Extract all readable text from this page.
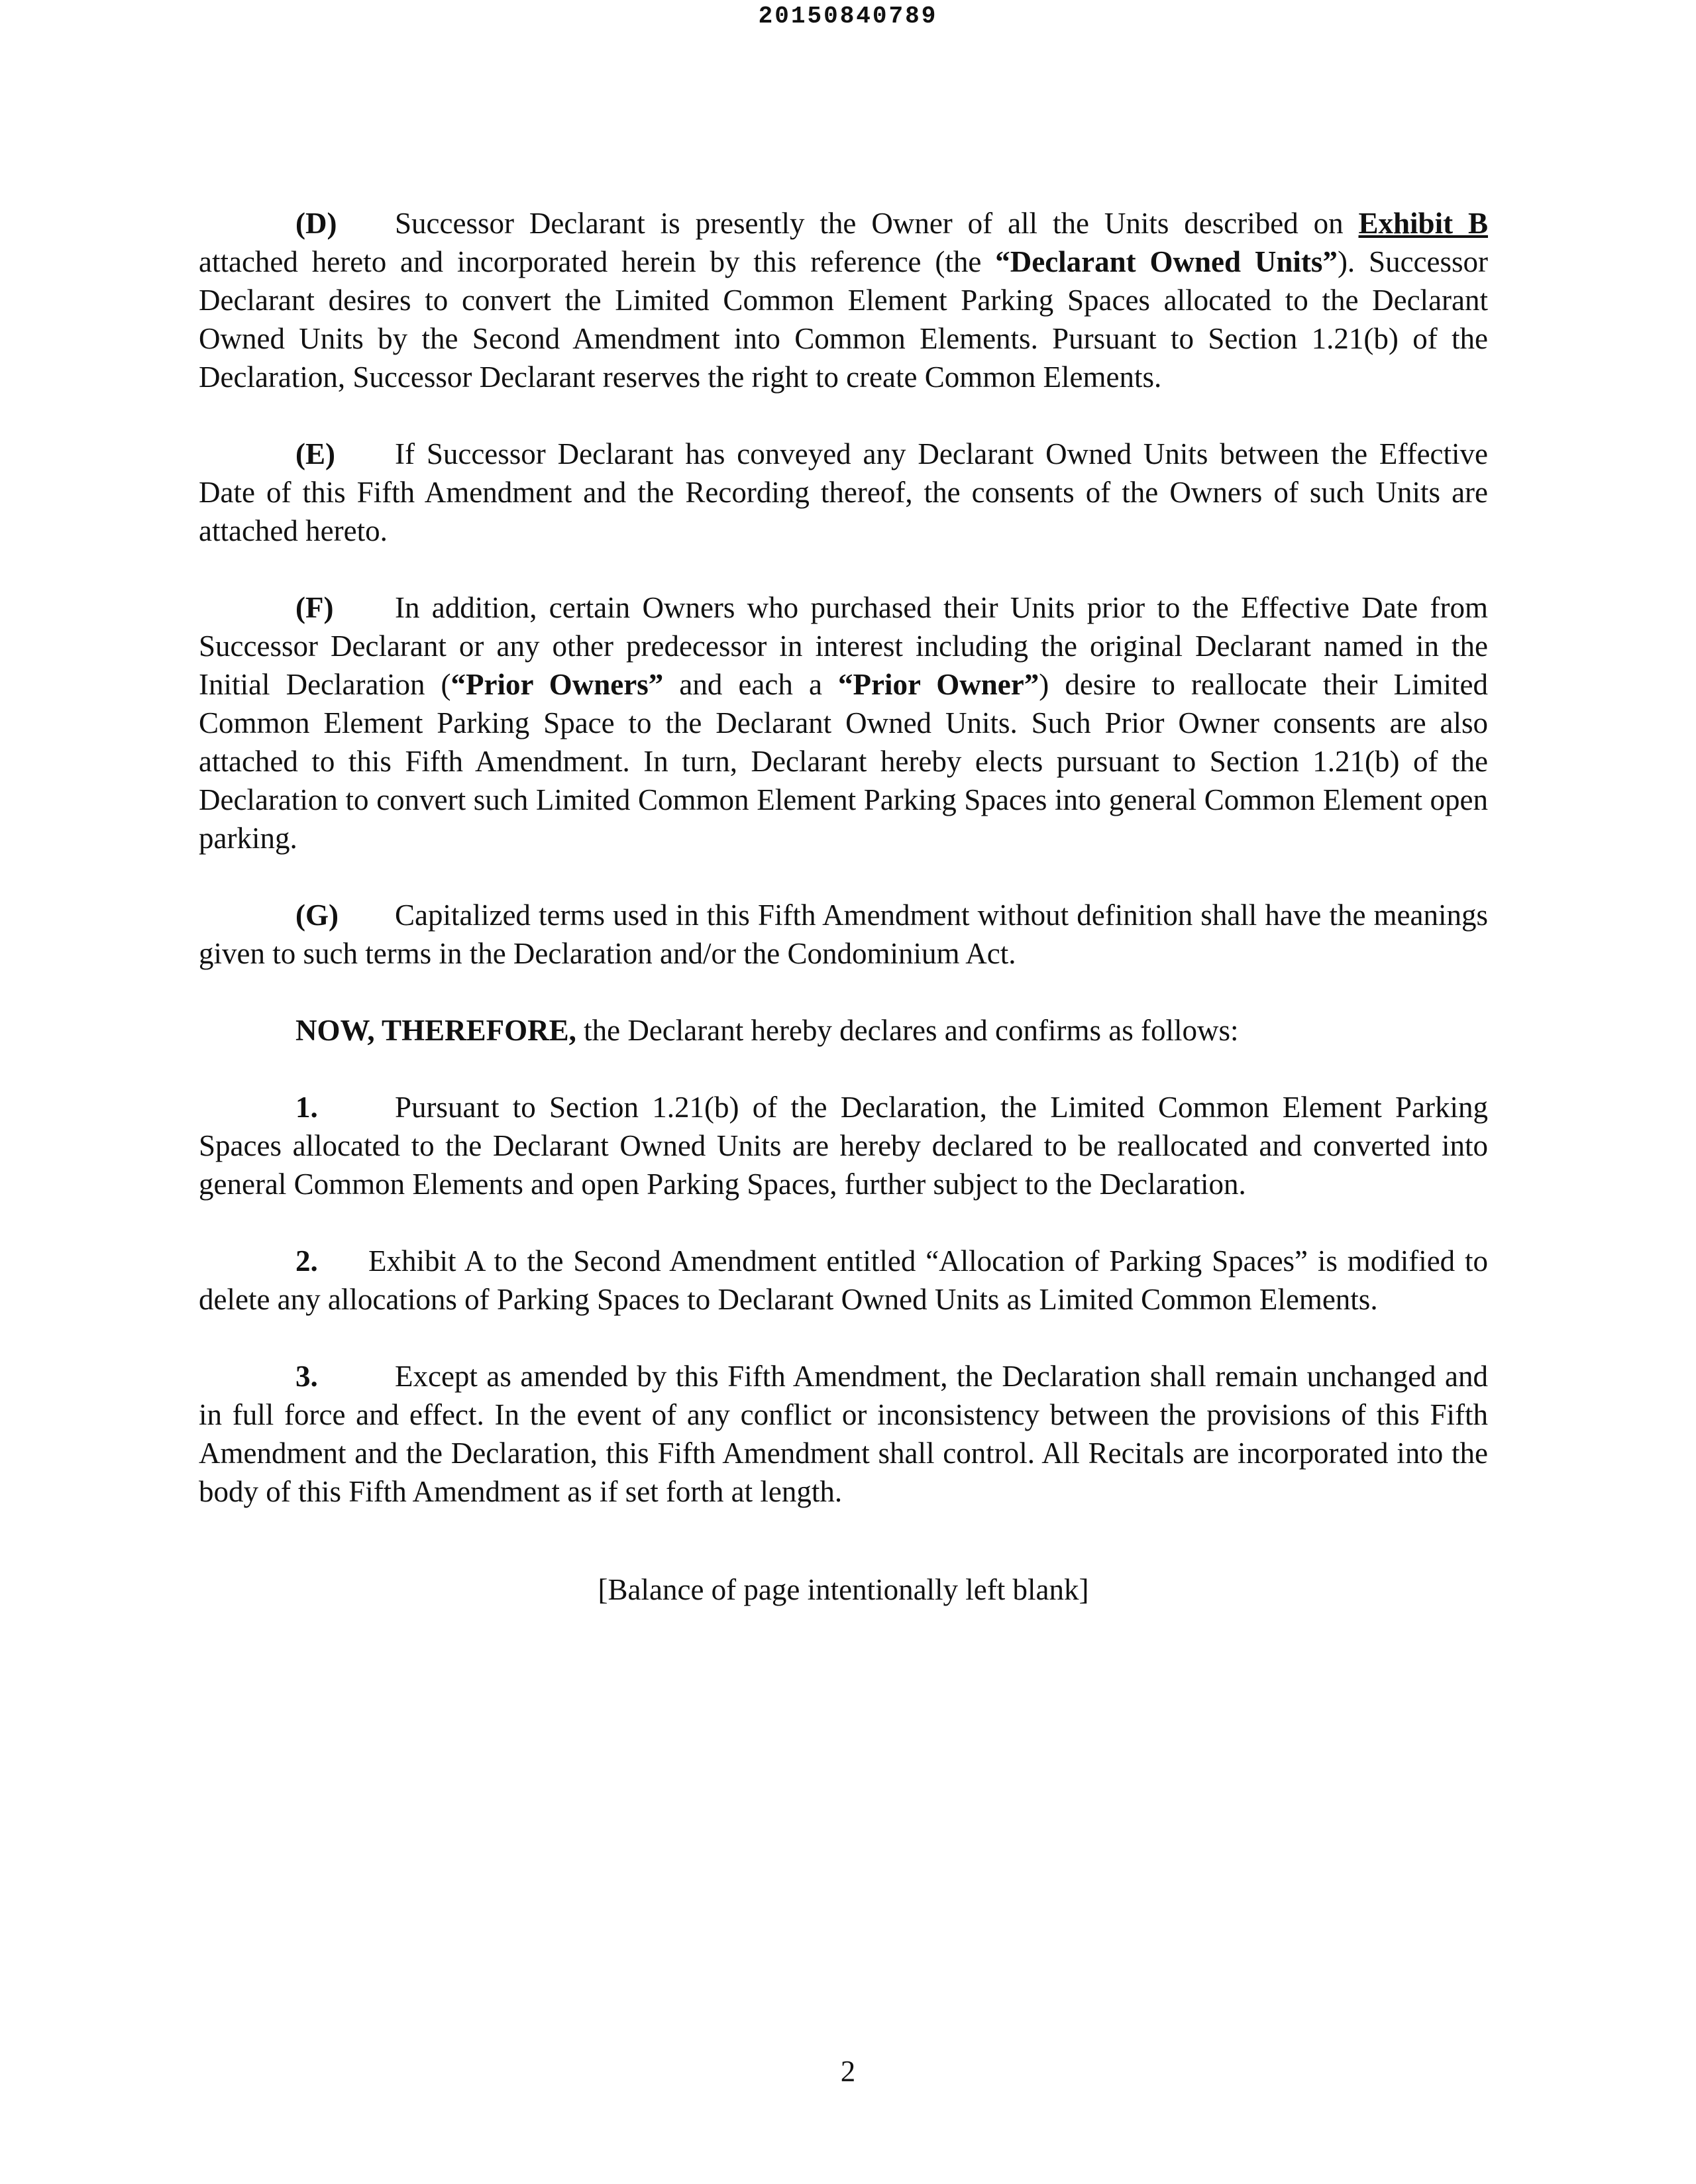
20150840789

(D) Successor Declarant is presently the Owner of all the Units described on Exhibit B attached hereto and incorporated herein by this reference (the “Declarant Owned Units”). Successor Declarant desires to convert the Limited Common Element Parking Spaces allocated to the Declarant Owned Units by the Second Amendment into Common Elements. Pursuant to Section 1.21(b) of the Declaration, Successor Declarant reserves the right to create Common Elements.

(E) If Successor Declarant has conveyed any Declarant Owned Units between the Effective Date of this Fifth Amendment and the Recording thereof, the consents of the Owners of such Units are attached hereto.

(F) In addition, certain Owners who purchased their Units prior to the Effective Date from Successor Declarant or any other predecessor in interest including the original Declarant named in the Initial Declaration (“Prior Owners” and each a “Prior Owner”) desire to reallocate their Limited Common Element Parking Space to the Declarant Owned Units. Such Prior Owner consents are also attached to this Fifth Amendment. In turn, Declarant hereby elects pursuant to Section 1.21(b) of the Declaration to convert such Limited Common Element Parking Spaces into general Common Element open parking.

(G) Capitalized terms used in this Fifth Amendment without definition shall have the meanings given to such terms in the Declaration and/or the Condominium Act.

NOW, THEREFORE, the Declarant hereby declares and confirms as follows:

1.	Pursuant to Section 1.21(b) of the Declaration, the Limited Common Element Parking Spaces allocated to the Declarant Owned Units are hereby declared to be reallocated and converted into general Common Elements and open Parking Spaces, further subject to the Declaration.

2. Exhibit A to the Second Amendment entitled “Allocation of Parking Spaces” is modified to delete any allocations of Parking Spaces to Declarant Owned Units as Limited Common Elements.

3.	Except as amended by this Fifth Amendment, the Declaration shall remain unchanged and in full force and effect. In the event of any conflict or inconsistency between the provisions of this Fifth Amendment and the Declaration, this Fifth Amendment shall control. All Recitals are incorporated into the body of this Fifth Amendment as if set forth at length.

[Balance of page intentionally left blank]

2
